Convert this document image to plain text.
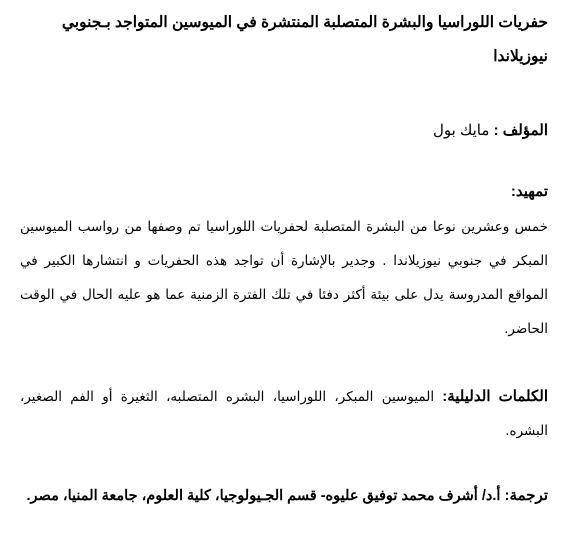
حفريات اللوراسيا والبشرة المتصلبة المنتشرة في الميوسين المتواجد بـجنوبي نيوزيلاندا

المؤلف : مايك بول

تمهيد:

خمس وعشرين نوعا من البشرة المتصلبة لحفريات اللوراسيا تم وصفها من رواسب الميوسين المبكر في جنوبي نيوزيلاندا . وجدير بالإشارة أن تواجد هذه الحفريات و انتشارها الكبير في المواقع المدروسة يدل على بيئة أكثر دفئا في تلك الفترة الزمنية عما هو عليه الحال في الوقت الحاضر.

الكلمات الدليلية: الميوسين المبكر، اللوراسيا، البشره المتصلبه، الثغيرة أو الفم الصغير، البشره.

ترجمة: أ.د/ أشرف محمد توفيق عليوه- قسم الجـيولوجيا، كلية العلوم، جامعة المنيا، مصر.
